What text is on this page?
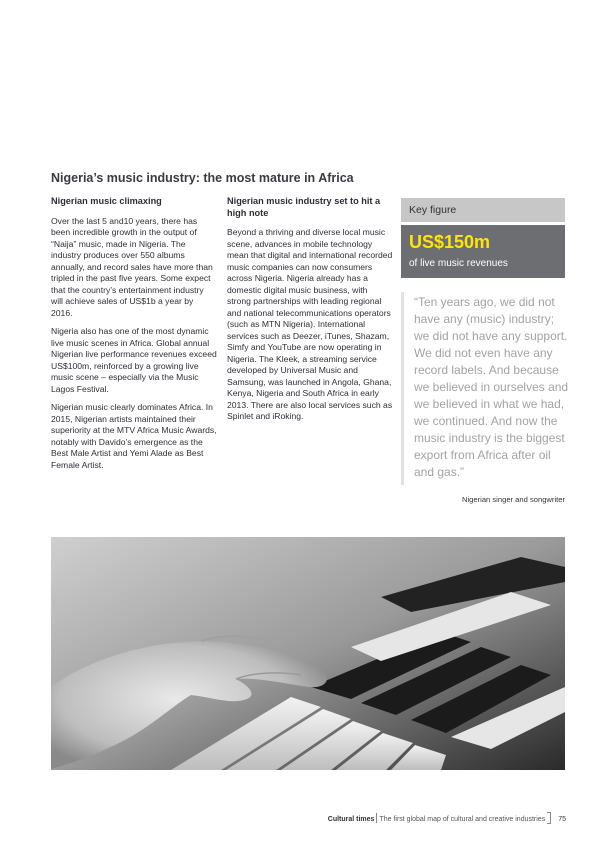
Nigeria’s music industry: the most mature in Africa
Nigerian music climaxing

Over the last 5 and10 years, there has been incredible growth in the output of “Naija” music, made in Nigeria. The industry produces over 550 albums annually, and record sales have more than tripled in the past five years. Some expect that the country’s entertainment industry will achieve sales of US$1b a year by 2016.

Nigeria also has one of the most dynamic live music scenes in Africa. Global annual Nigerian live performance revenues exceed US$100m, reinforced by a growing live music scene – especially via the Music Lagos Festival.

Nigerian music clearly dominates Africa. In 2015, Nigerian artists maintained their superiority at the MTV Africa Music Awards, notably with Davido’s emergence as the Best Male Artist and Yemi Alade as Best Female Artist.

Nigerian music industry set to hit a high note

Beyond a thriving and diverse local music scene, advances in mobile technology mean that digital and international recorded music companies can now consumers across Nigeria. Nigeria already has a domestic digital music business, with strong partnerships with leading regional and national telecommunications operators (such as MTN Nigeria). International services such as Deezer, iTunes, Shazam, Simfy and YouTube are now operating in Nigeria. The Kleek, a streaming service developed by Universal Music and Samsung, was launched in Angola, Ghana, Kenya, Nigeria and South Africa in early 2013. There are also local services such as Spinlet and iRoking.

Key figure
US$150m
of live music revenues
“Ten years ago, we did not have any (music) industry; we did not have any support. We did not even have any record labels. And because we believed in ourselves and we believed in what we had, we continued. And now the music industry is the biggest export from Africa after oil and gas.”
Nigerian singer and songwriter
Cultural times The first global map of cultural and creative industries 75
